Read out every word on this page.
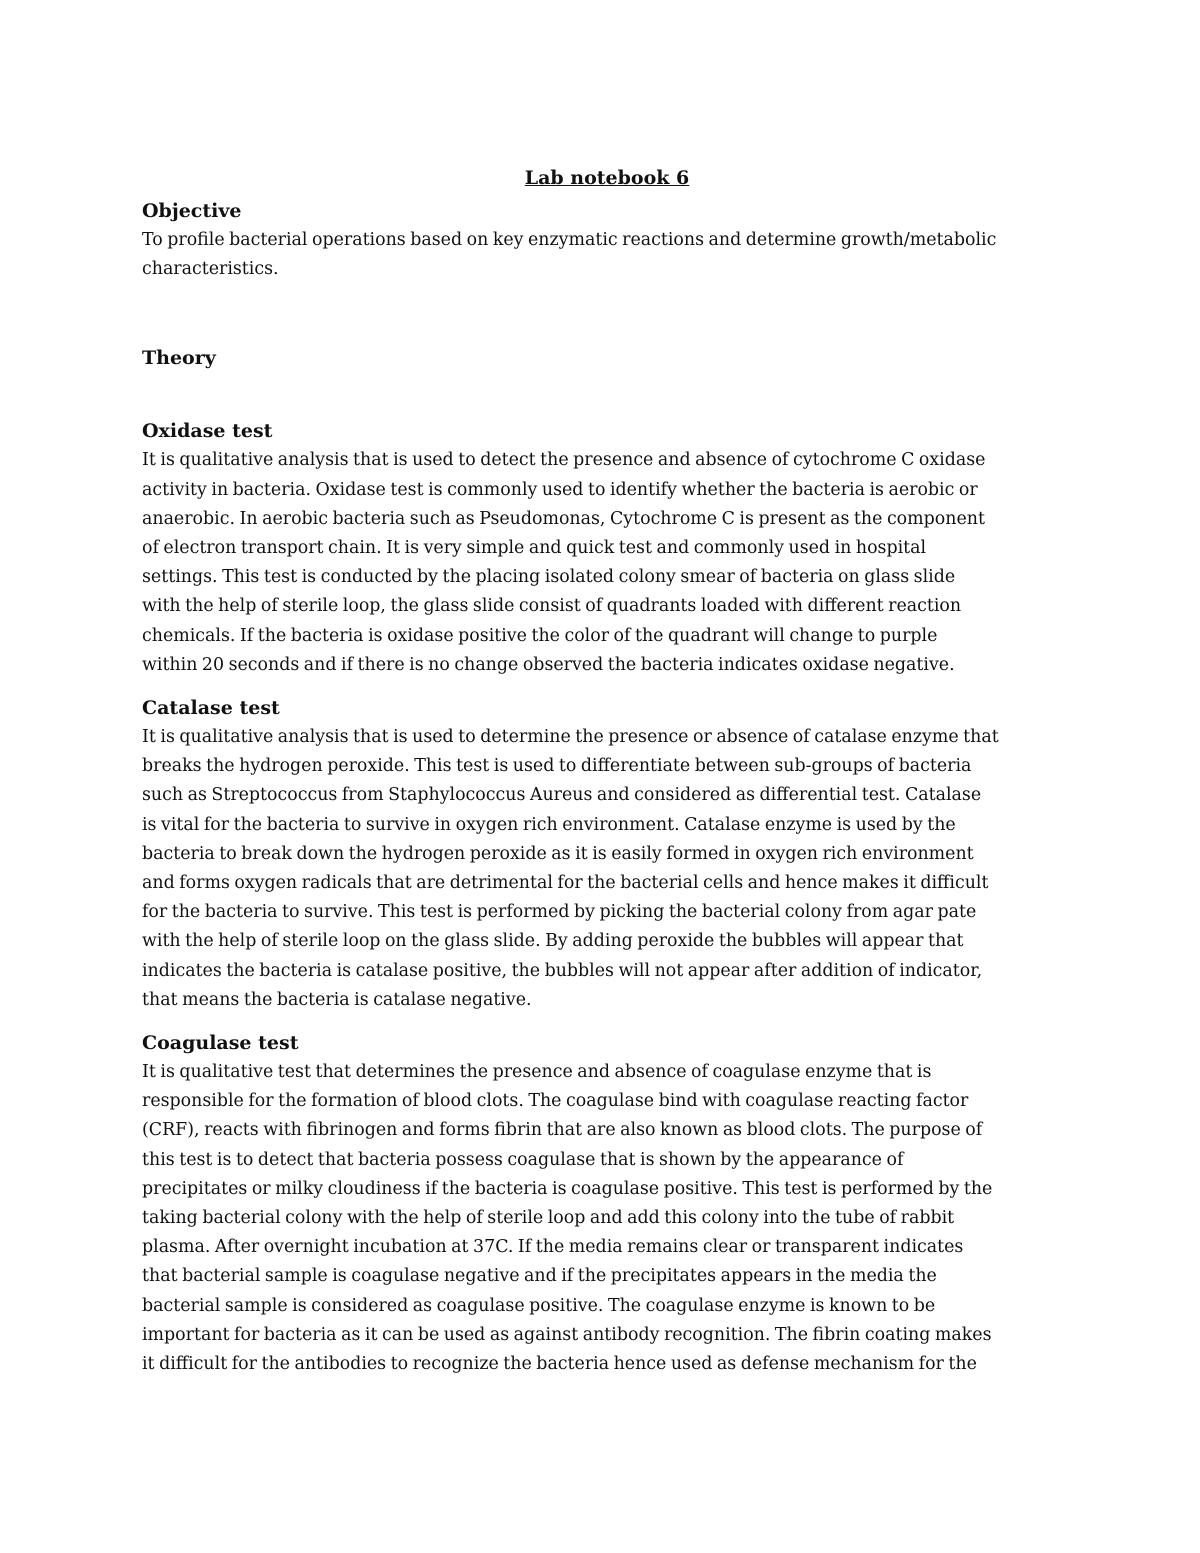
Lab notebook 6
Objective

To profile bacterial operations based on key enzymatic reactions and determine growth/metabolic
characteristics.

Theory
Oxidase test

It is qualitative analysis that is used to detect the presence and absence of cytochrome C oxidase
activity in bacteria. Oxidase test is commonly used to identify whether the bacteria is aerobic or
anaerobic. In aerobic bacteria such as Pseudomonas, Cytochrome C is present as the component
of electron transport chain. It is very simple and quick test and commonly used in hospital
settings. This test is conducted by the placing isolated colony smear of bacteria on glass slide
with the help of sterile loop, the glass slide consist of quadrants loaded with different reaction
chemicals. If the bacteria is oxidase positive the color of the quadrant will change to purple
within 20 seconds and if there is no change observed the bacteria indicates oxidase negative.

Catalase test

It is qualitative analysis that is used to determine the presence or absence of catalase enzyme that
breaks the hydrogen peroxide. This test is used to differentiate between sub-groups of bacteria
such as Streptococcus from Staphylococcus Aureus and considered as differential test. Catalase
is vital for the bacteria to survive in oxygen rich environment. Catalase enzyme is used by the
bacteria to break down the hydrogen peroxide as it is easily formed in oxygen rich environment
and forms oxygen radicals that are detrimental for the bacterial cells and hence makes it difficult
for the bacteria to survive. This test is performed by picking the bacterial colony from agar pate
with the help of sterile loop on the glass slide. By adding peroxide the bubbles will appear that
indicates the bacteria is catalase positive, the bubbles will not appear after addition of indicator,
that means the bacteria is catalase negative.

Coagulase test

It is qualitative test that determines the presence and absence of coagulase enzyme that is
responsible for the formation of blood clots. The coagulase bind with coagulase reacting factor
(CRF), reacts with fibrinogen and forms fibrin that are also known as blood clots. The purpose of
this test is to detect that bacteria possess coagulase that is shown by the appearance of
precipitates or milky cloudiness if the bacteria is coagulase positive. This test is performed by the
taking bacterial colony with the help of sterile loop and add this colony into the tube of rabbit
plasma. After overnight incubation at 37C. If the media remains clear or transparent indicates
that bacterial sample is coagulase negative and if the precipitates appears in the media the
bacterial sample is considered as coagulase positive. The coagulase enzyme is known to be
important for bacteria as it can be used as against antibody recognition. The fibrin coating makes
it difficult for the antibodies to recognize the bacteria hence used as defense mechanism for the
